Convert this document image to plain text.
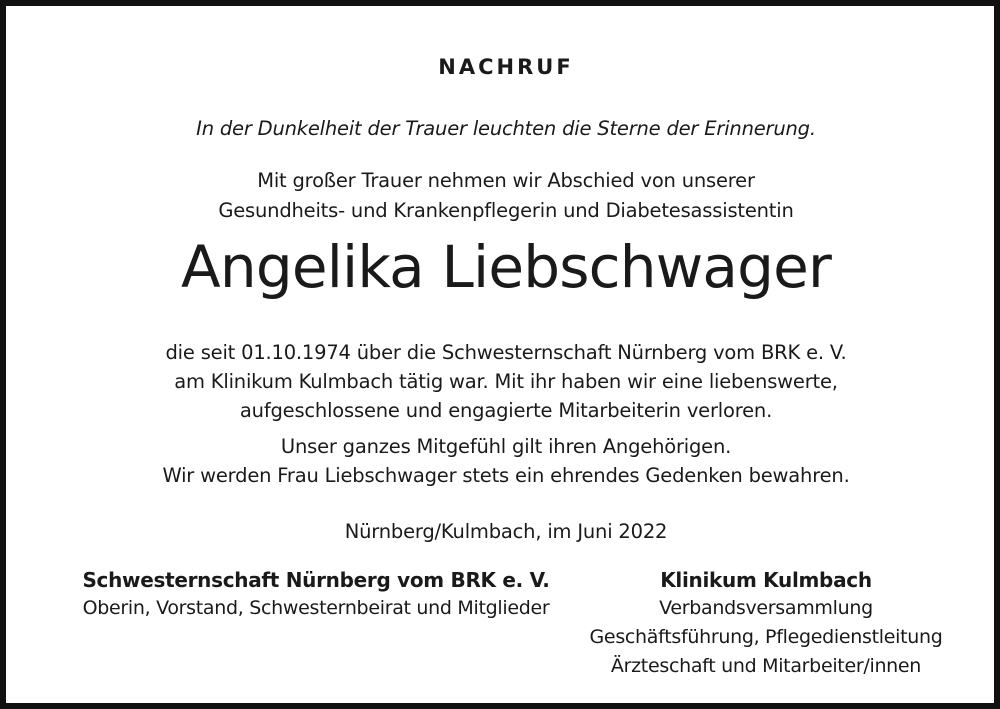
NACHRUF
In der Dunkelheit der Trauer leuchten die Sterne der Erinnerung.
Mit großer Trauer nehmen wir Abschied von unserer
Gesundheits- und Krankenpflegerin und Diabetesassistentin
Angelika Liebschwager
die seit 01.10.1974 über die Schwesternschaft Nürnberg vom BRK e. V.
am Klinikum Kulmbach tätig war. Mit ihr haben wir eine liebenswerte,
aufgeschlossene und engagierte Mitarbeiterin verloren.
Unser ganzes Mitgefühl gilt ihren Angehörigen.
Wir werden Frau Liebschwager stets ein ehrendes Gedenken bewahren.
Nürnberg/Kulmbach, im Juni 2022
Schwesternschaft Nürnberg vom BRK e. V.
Oberin, Vorstand, Schwesternbeirat und Mitglieder
Klinikum Kulmbach
Verbandsversammlung
Geschäftsführung, Pflegedienstleitung
Ärzteschaft und Mitarbeiter/innen
